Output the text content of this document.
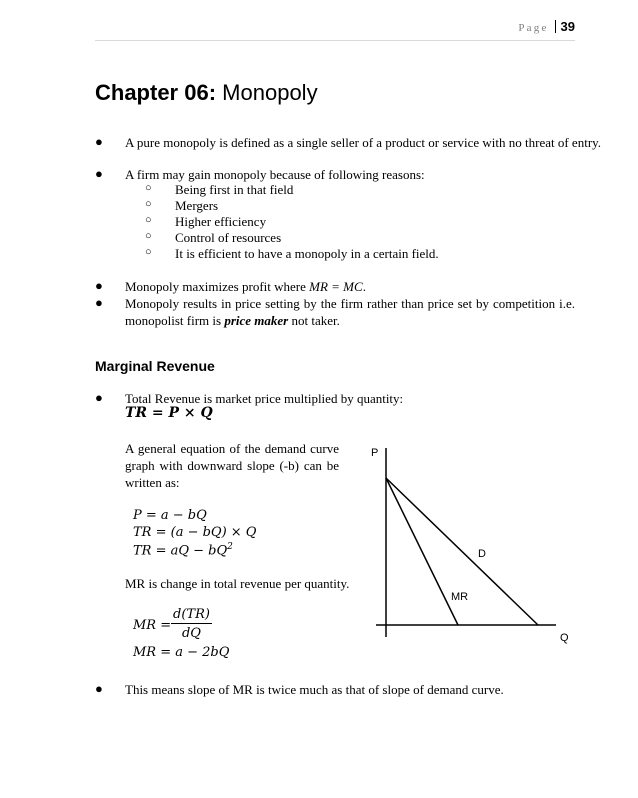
Page 39
Chapter 06: Monopoly
● A pure monopoly is defined as a single seller of a product or service with no threat of entry.
● A firm may gain monopoly because of following reasons:
○ Being first in that field
○ Mergers
○ Higher efficiency
○ Control of resources
○ It is efficient to have a monopoly in a certain field.
● Monopoly maximizes profit where MR = MC.
● Monopoly results in price setting by the firm rather than price set by competition i.e. monopolist firm is price maker not taker.
Marginal Revenue
● Total Revenue is market price multiplied by quantity:
TR = P × Q
A general equation of the demand curve graph with downward slope (-b) can be written as:
P = a − bQ
TR = (a − bQ) × Q
TR = aQ − $bQ^2$
MR is change in total revenue per quantity.
MR = $\frac{d(TR)}{dQ}$
MR = a − 2bQ
P
Q
D
MR
● This means slope of MR is twice much as that of slope of demand curve.
